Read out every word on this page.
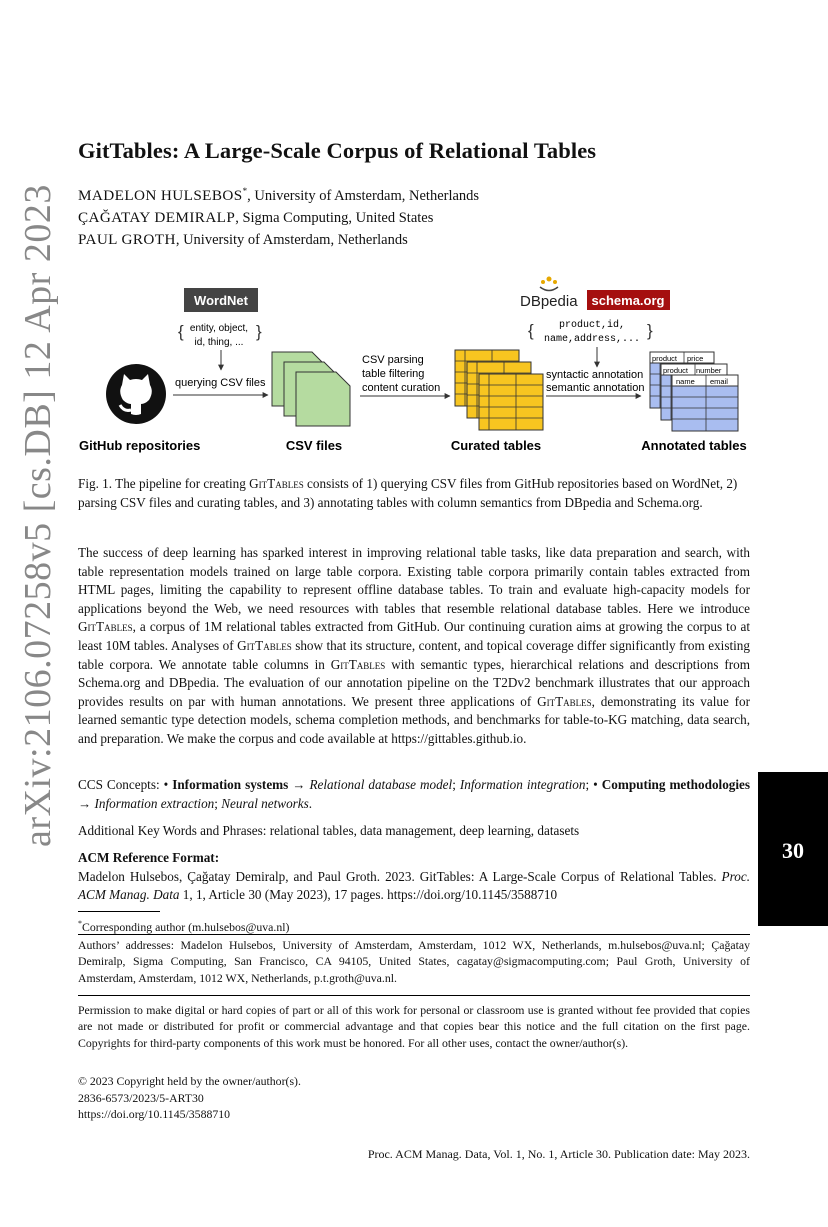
arXiv:2106.07258v5 [cs.DB] 12 Apr 2023
GitTables: A Large-Scale Corpus of Relational Tables
MADELON HULSEBOS*, University of Amsterdam, Netherlands
ÇAĞATAY DEMIRALP, Sigma Computing, United States
PAUL GROTH, University of Amsterdam, Netherlands
WordNet
{	}
entity, object,
id, thing, ...
querying CSV files
GitHub repositories	CSV files
CSV parsing
table filtering
content curation
Curated tables
DBpedia schema.org
{	}
product,id,
name,address,...
syntactic annotation
semantic annotation
product price
product number
name email
Annotated tables
Fig. 1. The pipeline for creating GitTables consists of 1) querying CSV files from GitHub repositories based on WordNet, 2) parsing CSV files and curating tables, and 3) annotating tables with column semantics from DBpedia and Schema.org.
The success of deep learning has sparked interest in improving relational table tasks, like data preparation and search, with table representation models trained on large table corpora. Existing table corpora primarily contain tables extracted from HTML pages, limiting the capability to represent offline database tables. To train and evaluate high-capacity models for applications beyond the Web, we need resources with tables that resemble relational database tables. Here we introduce GitTables, a corpus of 1M relational tables extracted from GitHub. Our continuing curation aims at growing the corpus to at least 10M tables. Analyses of GitTables show that its structure, content, and topical coverage differ significantly from existing table corpora. We annotate table columns in GitTables with semantic types, hierarchical relations and descriptions from Schema.org and DBpedia. The evaluation of our annotation pipeline on the T2Dv2 benchmark illustrates that our approach provides results on par with human annotations. We present three applications of GitTables, demonstrating its value for learned semantic type detection models, schema completion methods, and benchmarks for table-to-KG matching, data search, and preparation. We make the corpus and code available at https://gittables.github.io.
CCS Concepts: • Information systems → Relational database model; Information integration; • Computing methodologies → Information extraction; Neural networks.
Additional Key Words and Phrases: relational tables, data management, deep learning, datasets
ACM Reference Format:
Madelon Hulsebos, Çağatay Demiralp, and Paul Groth. 2023. GitTables: A Large-Scale Corpus of Relational Tables. Proc. ACM Manag. Data 1, 1, Article 30 (May 2023), 17 pages. https://doi.org/10.1145/3588710
*Corresponding author (m.hulsebos@uva.nl)
Authors’ addresses: Madelon Hulsebos, University of Amsterdam, Amsterdam, 1012 WX, Netherlands, m.hulsebos@uva.nl; Çağatay Demiralp, Sigma Computing, San Francisco, CA 94105, United States, cagatay@sigmacomputing.com; Paul Groth, University of Amsterdam, Amsterdam, 1012 WX, Netherlands, p.t.groth@uva.nl.
Permission to make digital or hard copies of part or all of this work for personal or classroom use is granted without fee provided that copies are not made or distributed for profit or commercial advantage and that copies bear this notice and the full citation on the first page. Copyrights for third-party components of this work must be honored. For all other uses, contact the owner/author(s).
© 2023 Copyright held by the owner/author(s).
2836-6573/2023/5-ART30
https://doi.org/10.1145/3588710
Proc. ACM Manag. Data, Vol. 1, No. 1, Article 30. Publication date: May 2023.
30
